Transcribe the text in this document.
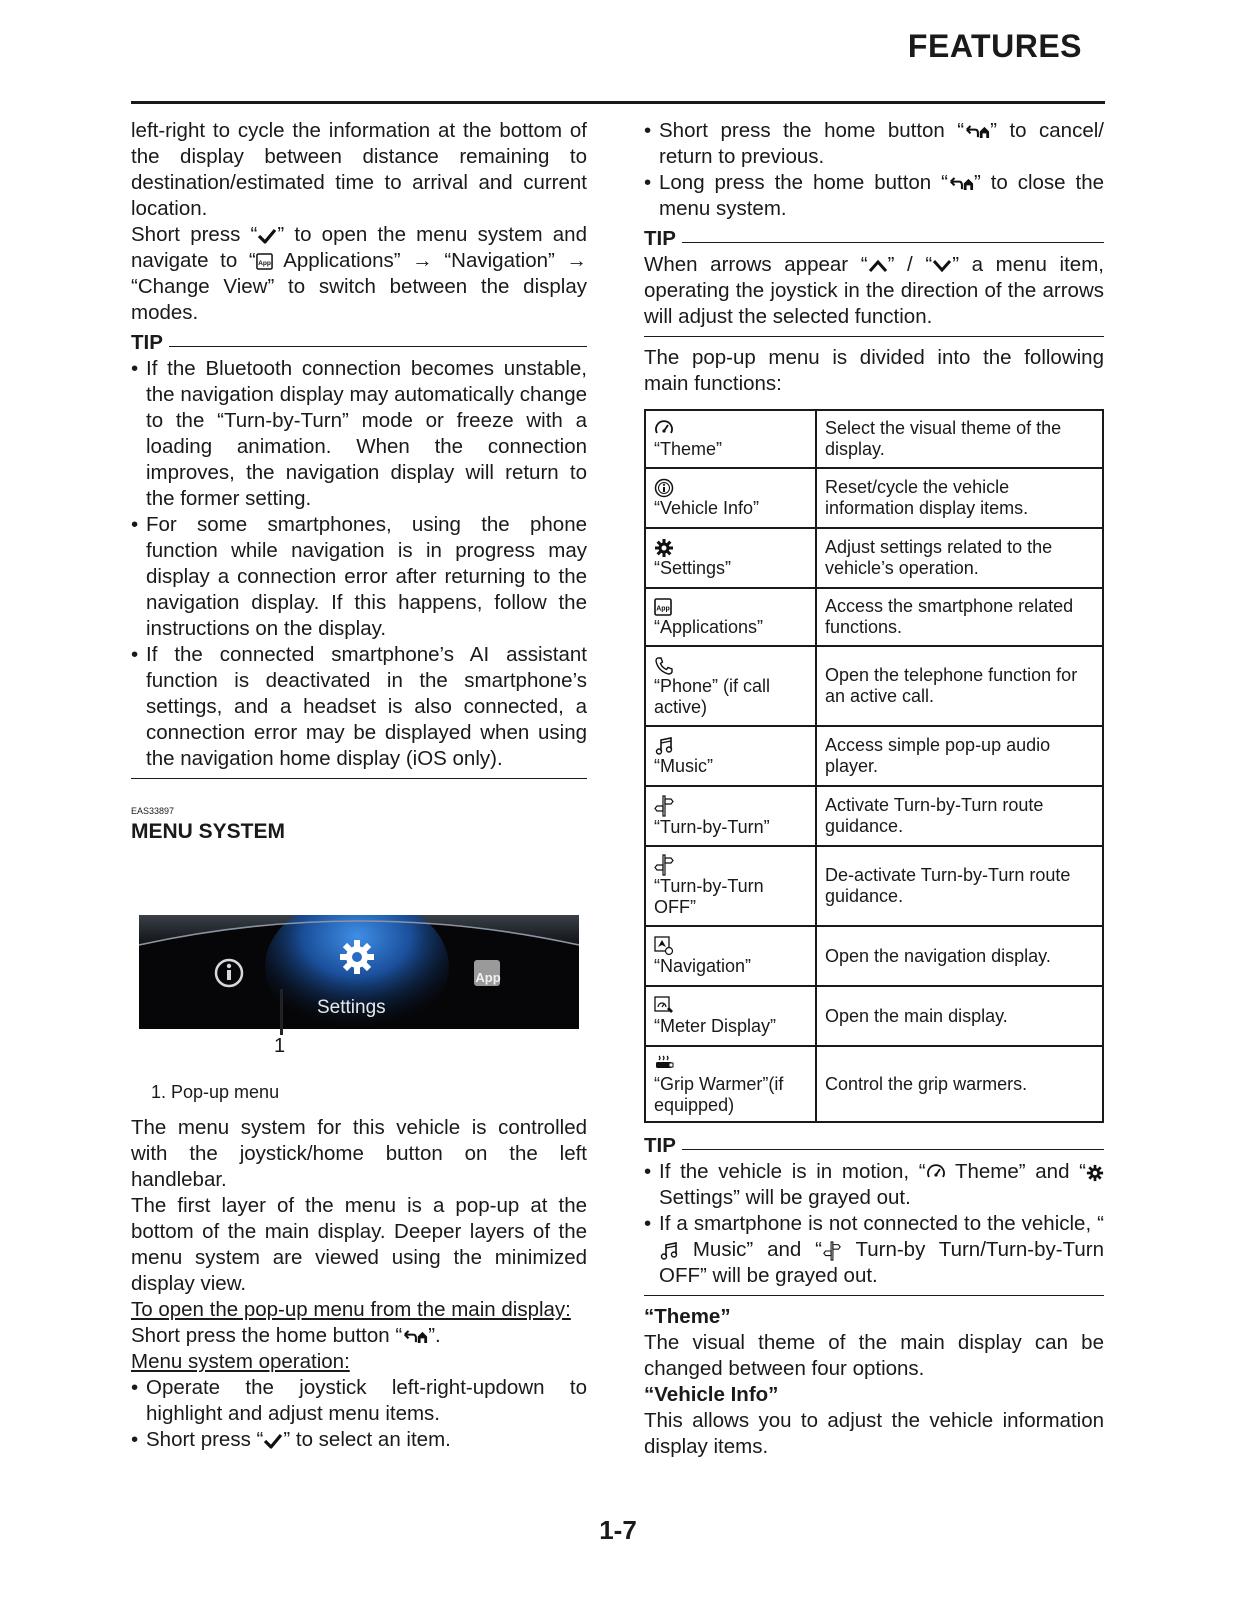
FEATURES

left-right to cycle the information at the bottom of the display between distance remaining to destination/estimated time to arrival and current location.

Short press “ ” to open the menu system and navigate to “
Applications” → “Navigation” → “Change View” to switch between the display modes.

TIP

• If the Bluetooth connection becomes unstable, the navigation display may automatically change to the “Turn-by-Turn” mode or freeze with a loading animation. When the connection improves, the navigation display will return to the former setting.

• For some smartphones, using the phone function while navigation is in progress may display a connection error after returning to the navigation display. If this happens, follow the instructions on the display.

• If the connected smartphone’s AI assistant function is deactivated in the smartphone’s settings, and a headset is also connected, a connection error may be displayed when using the navigation home display (iOS only).

EAS33897
MENU SYSTEM
Settings
App
1
1. Pop-up menu

The menu system for this vehicle is controlled with the joystick/home button on the left handlebar.

The first layer of the menu is a pop-up at the bottom of the main display. Deeper layers of the menu system are viewed using the minimized display view.

To open the pop-up menu from the main display:

Short press the home button “ ”.

Menu system operation:

• Operate the joystick left-right-updown to highlight and adjust menu items.

• Short press “ ” to select an item.

• Short press the home button “ ” to cancel/ return to previous.

• Long press the home button “ ” to close the menu system.

TIP

When arrows appear “ ” / “ ” a menu item, operating the joystick in the direction of the arrows will adjust the selected function.

The pop-up menu is divided into the following main functions:

“Theme”	Select the visual theme of the display.

“Vehicle Info”	Reset/cycle the vehicle information display items.

“Settings”	Adjust settings related to the vehicle’s operation.

“Applications”	Access the smartphone related functions.

“Phone” (if call active)	Open the telephone function for an active call.

“Music”	Access simple pop-up audio player.

“Turn-by-Turn”	Activate Turn-by-Turn route guidance.

“Turn-by-Turn OFF”	De-activate Turn-by-Turn route guidance.

“Navigation”	Open the navigation display.

“Meter Display”	Open the main display.

“Grip Warmer”(if equipped)	Control the grip warmers.
TIP

• If the vehicle is in motion, “
Theme” and “
Settings” will be grayed out.

• If a smartphone is not connected to the vehicle, “
Music” and “
Turn-by Turn/Turn-by-Turn OFF” will be grayed out.

“Theme”

The visual theme of the main display can be changed between four options.

“Vehicle Info”

This allows you to adjust the vehicle information display items.

1-7
